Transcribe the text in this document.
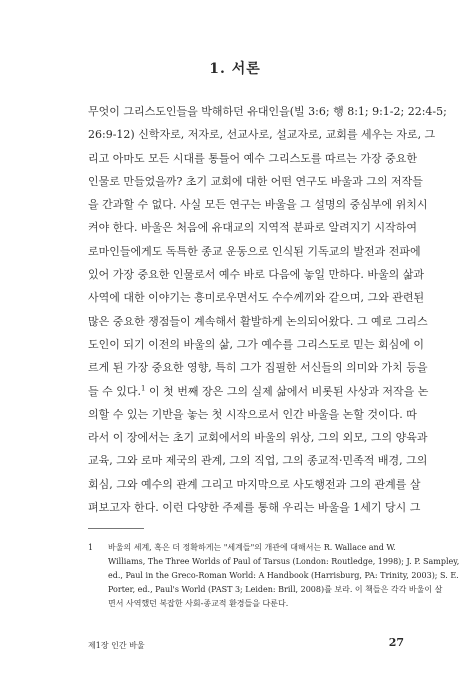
1. 서론
무엇이 그리스도인들을 박해하던 유대인을(빌 3:6; 행 8:1; 9:1-2; 22:4-5;
26:9-12) 신학자로, 저자로, 선교사로, 설교자로, 교회를 세우는 자로, 그
리고 아마도 모든 시대를 통틀어 예수 그리스도를 따르는 가장 중요한
인물로 만들었을까? 초기 교회에 대한 어떤 연구도 바울과 그의 저작들
을 간과할 수 없다. 사실 모든 연구는 바울을 그 설명의 중심부에 위치시
켜야 한다. 바울은 처음에 유대교의 지역적 분파로 알려지기 시작하여
로마인들에게도 독특한 종교 운동으로 인식된 기독교의 발전과 전파에
있어 가장 중요한 인물로서 예수 바로 다음에 놓일 만하다. 바울의 삶과
사역에 대한 이야기는 흥미로우면서도 수수께끼와 같으며, 그와 관련된
많은 중요한 쟁점들이 계속해서 활발하게 논의되어왔다. 그 예로 그리스
도인이 되기 이전의 바울의 삶, 그가 예수를 그리스도로 믿는 회심에 이
르게 된 가장 중요한 영향, 특히 그가 집필한 서신들의 의미와 가치 등을
들 수 있다.$^1$ 이 첫 번째 장은 그의 실제 삶에서 비롯된 사상과 저작을 논
의할 수 있는 기반을 놓는 첫 시작으로서 인간 바울을 논할 것이다. 따
라서 이 장에서는 초기 교회에서의 바울의 위상, 그의 외모, 그의 양육과
교육, 그와 로마 제국의 관계, 그의 직업, 그의 종교적·민족적 배경, 그의
회심, 그와 예수의 관계 그리고 마지막으로 사도행전과 그의 관계를 살
펴보고자 한다. 이런 다양한 주제를 통해 우리는 바울을 1세기 당시 그
1 바울의 세계, 혹은 더 정확하게는 "세계들"의 개관에 대해서는 R. Wallace and W.
Williams, The Three Worlds of Paul of Tarsus (London: Routledge, 1998); J. P. Sampley,
ed., Paul in the Greco-Roman World: A Handbook (Harrisburg, PA: Trinity, 2003); S. E.
Porter, ed., Paul's World (PAST 3; Leiden: Brill, 2008)를 보라. 이 책들은 각각 바울이 살
면서 사역했던 복잡한 사회-종교적 환경들을 다룬다.
제1장 인간 바울	27
